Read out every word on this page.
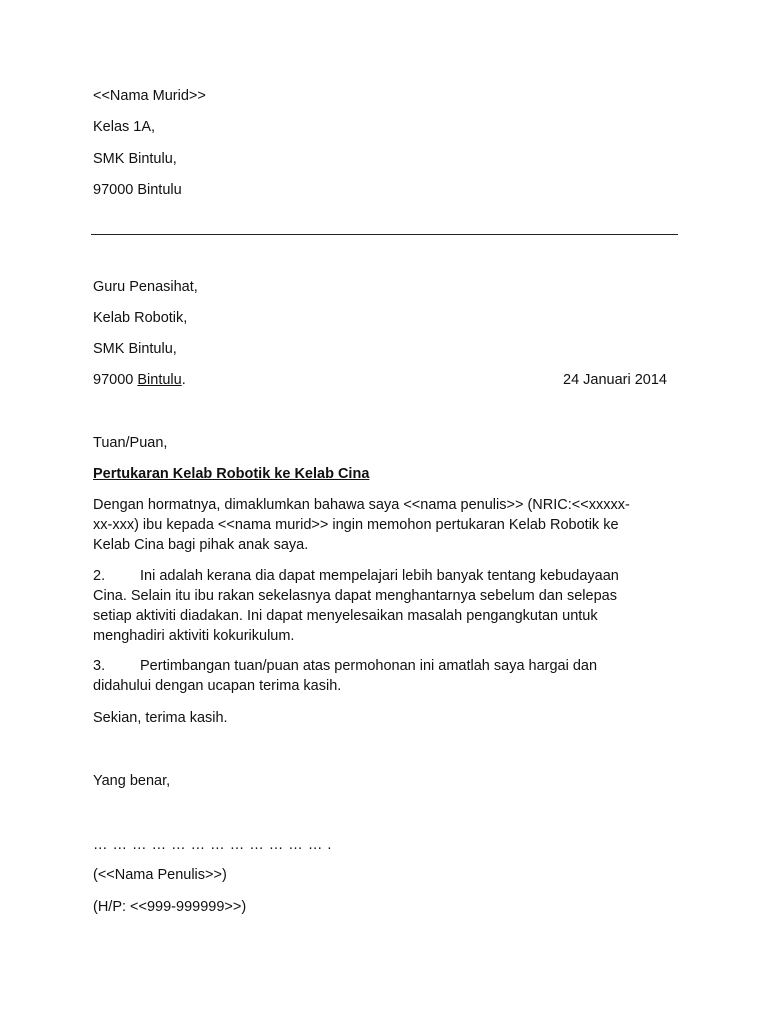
<<Nama Murid>>
Kelas 1A,
SMK Bintulu,
97000 Bintulu
Guru Penasihat,
Kelab Robotik,
SMK Bintulu,
97000 Bintulu.	24 Januari 2014
Tuan/Puan,
Pertukaran Kelab Robotik ke Kelab Cina
Dengan hormatnya, dimaklumkan bahawa saya <<nama penulis>> (NRIC:<<xxxxx-
xx-xxx) ibu kepada <<nama murid>> ingin memohon pertukaran Kelab Robotik ke
Kelab Cina bagi pihak anak saya.
2. Ini adalah kerana dia dapat mempelajari lebih banyak tentang kebudayaan
Cina. Selain itu ibu rakan sekelasnya dapat menghantarnya sebelum dan selepas
setiap aktiviti diadakan. Ini dapat menyelesaikan masalah pengangkutan untuk
menghadiri aktiviti kokurikulum.
3. Pertimbangan tuan/puan atas permohonan ini amatlah saya hargai dan
didahului dengan ucapan terima kasih.
Sekian, terima kasih.
Yang benar,
… … … … … … … … … … … … .
(<<Nama Penulis>>)
(H/P: <<999-999999>>)
